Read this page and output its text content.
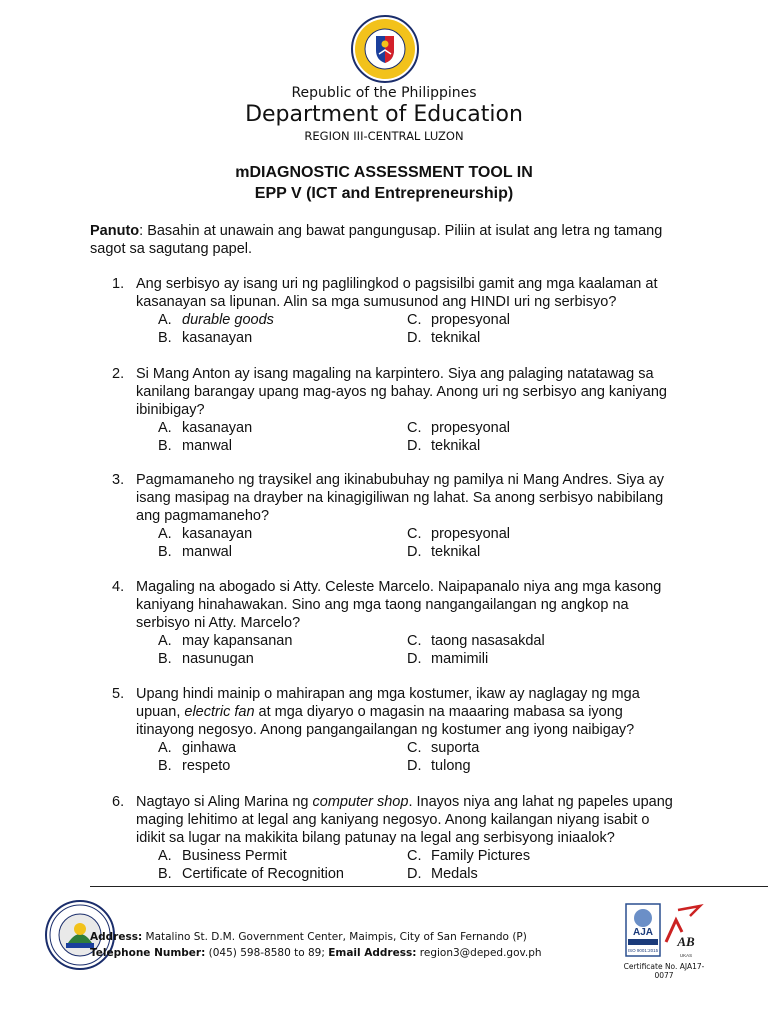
Republic of the Philippines
Department of Education
REGION III-CENTRAL LUZON
mDIAGNOSTIC ASSESSMENT TOOL IN
EPP V (ICT and Entrepreneurship)
Panuto: Basahin at unawain ang bawat pangungusap. Piliin at isulat ang letra ng tamang sagot sa sagutang papel.
1. Ang serbisyo ay isang uri ng paglilingkod o pagsisilbi gamit ang mga kaalaman at kasanayan sa lipunan. Alin sa mga sumusunod ang HINDI uri ng serbisyo?
A. durable goods	C. propesyonal
B. kasanayan	D. teknikal
2. Si Mang Anton ay isang magaling na karpintero. Siya ang palaging natatawag sa kanilang barangay upang mag-ayos ng bahay. Anong uri ng serbisyo ang kaniyang ibinibigay?
A. kasanayan	C. propesyonal
B. manwal	D. teknikal
3. Pagmamaneho ng traysikel ang ikinabubuhay ng pamilya ni Mang Andres. Siya ay isang masipag na drayber na kinagigiliwan ng lahat. Sa anong serbisyo nabibilang ang pagmamaneho?
A. kasanayan	C. propesyonal
B. manwal	D. teknikal
4. Magaling na abogado si Atty. Celeste Marcelo. Naipapanalo niya ang mga kasong kaniyang hinahawakan. Sino ang mga taong nangangailangan ng angkop na serbisyo ni Atty. Marcelo?
A. may kapansanan	C. taong nasasakdal
B. nasunugan	D. mamimili
5. Upang hindi mainip o mahirapan ang mga kostumer, ikaw ay naglagay ng mga upuan, electric fan at mga diyaryo o magasin na maaaring mabasa sa iyong itinayong negosyo. Anong pangangailangan ng kostumer ang iyong naibigay?
A. ginhawa	C. suporta
B. respeto	D. tulong
6. Nagtayo si Aling Marina ng computer shop. Inayos niya ang lahat ng papeles upang maging lehitimo at legal ang kaniyang negosyo. Anong kailangan niyang isabit o idikit sa lugar na makikita bilang patunay na legal ang serbisyong iniaalok?
A. Business Permit	C. Family Pictures
B. Certificate of Recognition	D. Medals
Address: Matalino St. D.M. Government Center, Maimpis, City of San Fernando (P)
Telephone Number: (045) 598-8580 to 89; Email Address: region3@deped.gov.ph
AJA
ISO 9001:2015
AB
UKAS
Certificate No. AJA17-0077
